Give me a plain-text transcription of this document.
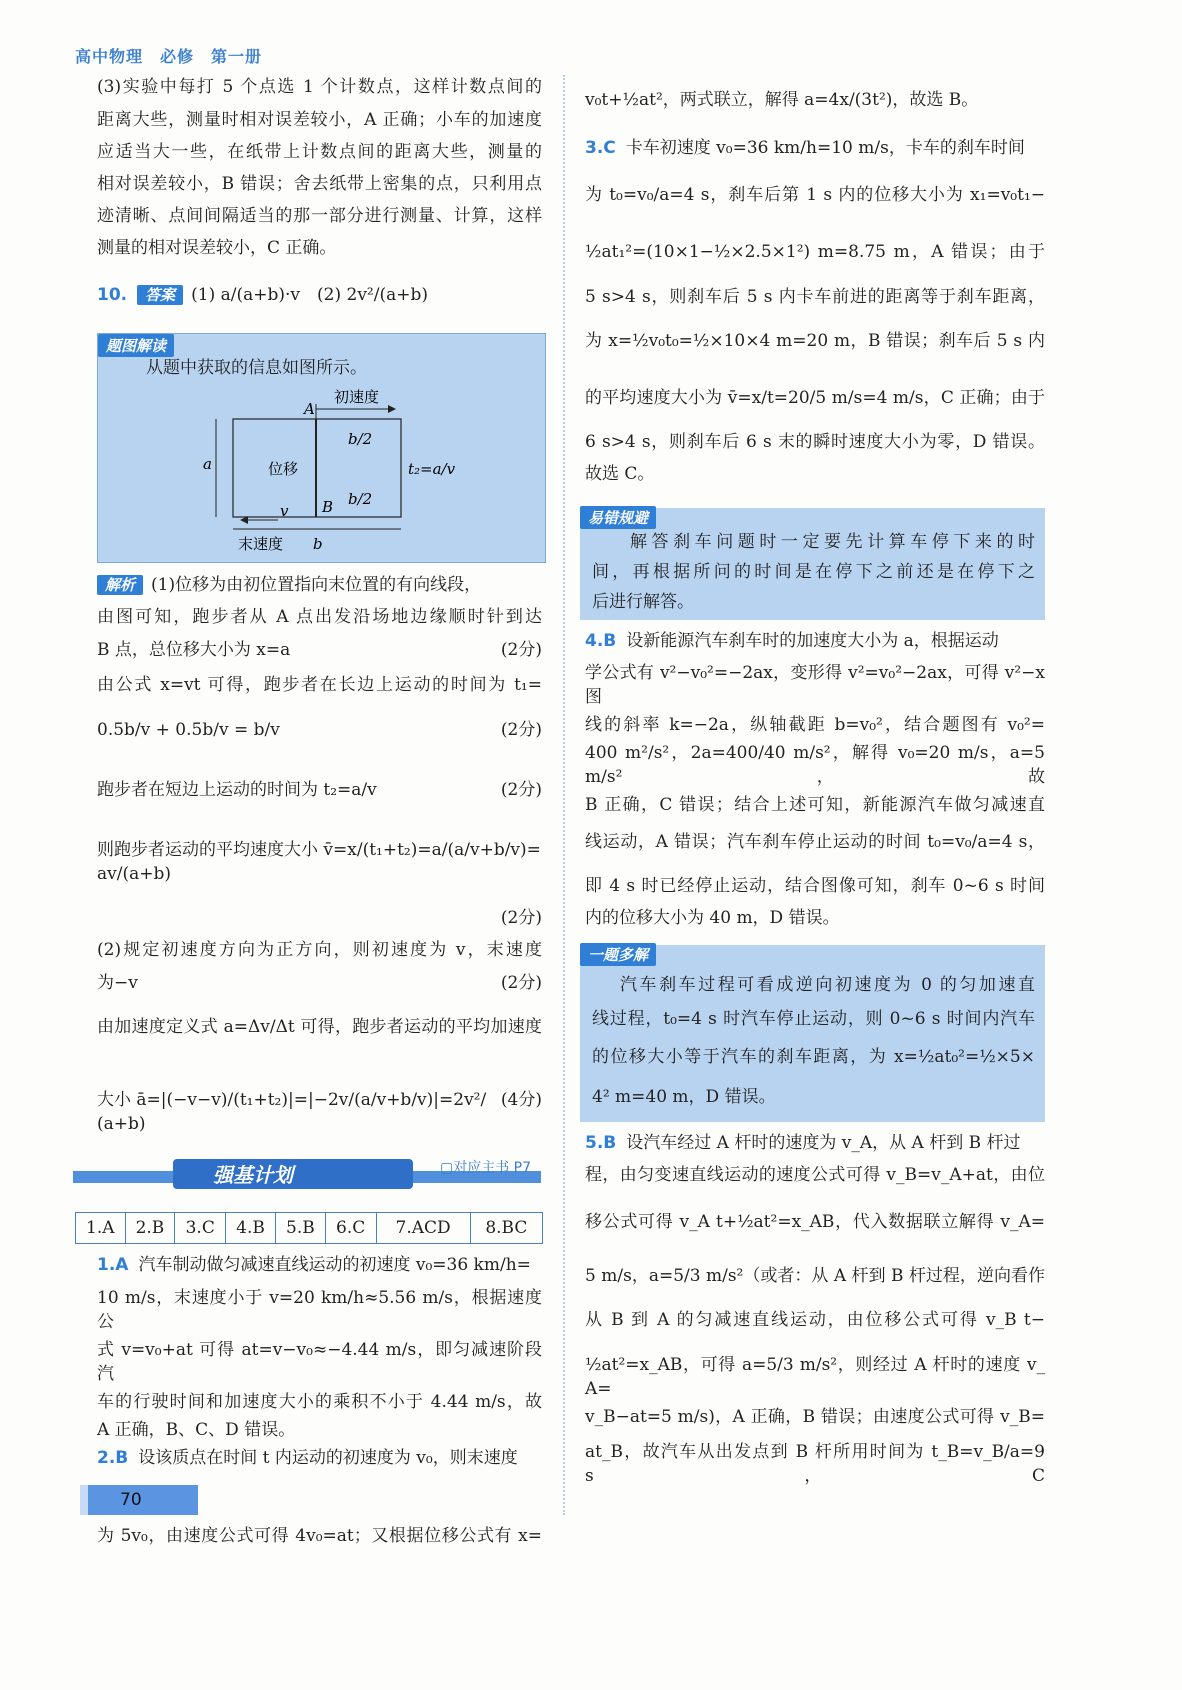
高中物理　必修　第一册
题图解读
从题中获取的信息如图所示。
A
初速度
a	位移
b/2
b/2
B
t₂=a/v
v
末速度 b
易错规避
解答刹车问题时一定要先计算车停下来的时
间，再根据所问的时间是在停下之前还是在停下之
后进行解答。
一题多解
汽车刹车过程可看成逆向初速度为 0 的匀加速直
线过程，t₀=4 s 时汽车停止运动，则 0~6 s 时间内汽车
的位移大小等于汽车的刹车距离，为 x=½at₀²=½×5×
4² m=40 m，D 错误。
强基计划	▢对应主书 P7
1.A	2.B	3.C	4.B	5.B	6.C	7.ACD	8.BC
70
(3)实验中每打 5 个点选 1 个计数点，这样计数点间的
距离大些，测量时相对误差较小，A 正确；小车的加速度
应适当大一些，在纸带上计数点间的距离大些，测量的
相对误差较小，B 错误；舍去纸带上密集的点，只利用点
迹清晰、点间间隔适当的那一部分进行测量、计算，这样
测量的相对误差较小，C 正确。
10. 答案 (1) a/(a+b)·v　(2) 2v²/(a+b)
解析 (1)位移为由初位置指向末位置的有向线段，
由图可知，跑步者从 A 点出发沿场地边缘顺时针到达
(2分)
B 点，总位移大小为 x=a
由公式 x=vt 可得，跑步者在长边上运动的时间为 t₁=
(2分)
0.5b/v + 0.5b/v = b/v
(2分)
跑步者在短边上运动的时间为 t₂=a/v
则跑步者运动的平均速度大小 v̄=x/(t₁+t₂)=a/(a/v+b/v)=av/(a+b)
(2分)
(2)规定初速度方向为正方向，则初速度为 v，末速度
(2分)
为−v
由加速度定义式 a=Δv/Δt 可得，跑步者运动的平均加速度
(4分)
大小 ā=|(−v−v)/(t₁+t₂)|=|−2v/(a/v+b/v)|=2v²/(a+b)
1.A 汽车制动做匀减速直线运动的初速度 v₀=36 km/h=
10 m/s，末速度小于 v=20 km/h≈5.56 m/s，根据速度公
式 v=v₀+at 可得 at=v−v₀≈−4.44 m/s，即匀减速阶段汽
车的行驶时间和加速度大小的乘积不小于 4.44 m/s，故
A 正确，B、C、D 错误。
2.B 设该质点在时间 t 内运动的初速度为 v₀，则末速度
为 5v₀，由速度公式可得 4v₀=at；又根据位移公式有 x=
v₀t+½at²，两式联立，解得 a=4x/(3t²)，故选 B。
3.C 卡车初速度 v₀=36 km/h=10 m/s，卡车的刹车时间
为 t₀=v₀/a=4 s，刹车后第 1 s 内的位移大小为 x₁=v₀t₁−
½at₁²=(10×1−½×2.5×1²) m=8.75 m，A 错误；由于
5 s>4 s，则刹车后 5 s 内卡车前进的距离等于刹车距离，
为 x=½v₀t₀=½×10×4 m=20 m，B 错误；刹车后 5 s 内
的平均速度大小为 v̄=x/t=20/5 m/s=4 m/s，C 正确；由于
6 s>4 s，则刹车后 6 s 末的瞬时速度大小为零，D 错误。
故选 C。
4.B 设新能源汽车刹车时的加速度大小为 a，根据运动
学公式有 v²−v₀²=−2ax，变形得 v²=v₀²−2ax，可得 v²−x 图
线的斜率 k=−2a，纵轴截距 b=v₀²，结合题图有 v₀²=
400 m²/s²，2a=400/40 m/s²，解得 v₀=20 m/s，a=5 m/s²，故
B 正确，C 错误；结合上述可知，新能源汽车做匀减速直
线运动，A 错误；汽车刹车停止运动的时间 t₀=v₀/a=4 s，
即 4 s 时已经停止运动，结合图像可知，刹车 0~6 s 时间
内的位移大小为 40 m，D 错误。
5.B 设汽车经过 A 杆时的速度为 v_A，从 A 杆到 B 杆过
程，由匀变速直线运动的速度公式可得 v_B=v_A+at，由位
移公式可得 v_A t+½at²=x_AB，代入数据联立解得 v_A=
5 m/s，a=5/3 m/s²（或者：从 A 杆到 B 杆过程，逆向看作
从 B 到 A 的匀减速直线运动，由位移公式可得 v_B t−
½at²=x_AB，可得 a=5/3 m/s²，则经过 A 杆时的速度 v_A=
v_B−at=5 m/s)，A 正确，B 错误；由速度公式可得 v_B=
at_B，故汽车从出发点到 B 杆所用时间为 t_B=v_B/a=9 s，C
